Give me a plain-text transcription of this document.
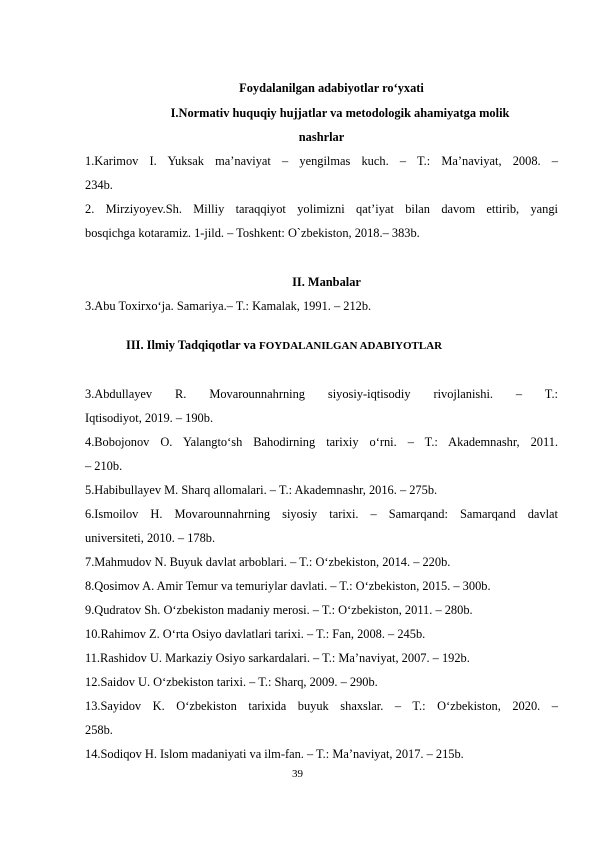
Foydalanilgan adabiyotlar ro‘yxati
I.Normativ huquqiy hujjatlar va metodologik ahamiyatga molik
nashrlar
1.Karimov I. Yuksak ma’naviyat – yengilmas kuch. – T.: Ma’naviyat, 2008. –
234b.
2. Mirziyoyev.Sh. Milliy taraqqiyot yolimizni qat’iyat bilan davom ettirib, yangi
bosqichga kotaramiz. 1-jild. – Toshkent: O`zbekiston, 2018.– 383b.
II. Manbalar
3.Abu Toxirxo‘ja. Samariya.– T.: Kamalak, 1991. – 212b.
III. Ilmiy Tadqiqotlar va FOYDALANILGAN ADABIYOTLAR
3.Abdullayev R. Movarounnahrning siyosiy-iqtisodiy rivojlanishi. – T.:
Iqtisodiyot, 2019. – 190b.
4.Bobojonov O. Yalangto‘sh Bahodirning tarixiy o‘rni. – T.: Akademnashr, 2011.
– 210b.
5.Habibullayev M. Sharq allomalari. – T.: Akademnashr, 2016. – 275b.
6.Ismoilov H. Movarounnahrning siyosiy tarixi. – Samarqand: Samarqand davlat
universiteti, 2010. – 178b.
7.Mahmudov N. Buyuk davlat arboblari. – T.: O‘zbekiston, 2014. – 220b.
8.Qosimov A. Amir Temur va temuriylar davlati. – T.: O‘zbekiston, 2015. – 300b.
9.Qudratov Sh. O‘zbekiston madaniy merosi. – T.: O‘zbekiston, 2011. – 280b.
10.Rahimov Z. O‘rta Osiyo davlatlari tarixi. – T.: Fan, 2008. – 245b.
11.Rashidov U. Markaziy Osiyo sarkardalari. – T.: Ma’naviyat, 2007. – 192b.
12.Saidov U. O‘zbekiston tarixi. – T.: Sharq, 2009. – 290b.
13.Sayidov K. O‘zbekiston tarixida buyuk shaxslar. – T.: O‘zbekiston, 2020. –
258b.
14.Sodiqov H. Islom madaniyati va ilm-fan. – T.: Ma’naviyat, 2017. – 215b.
39
